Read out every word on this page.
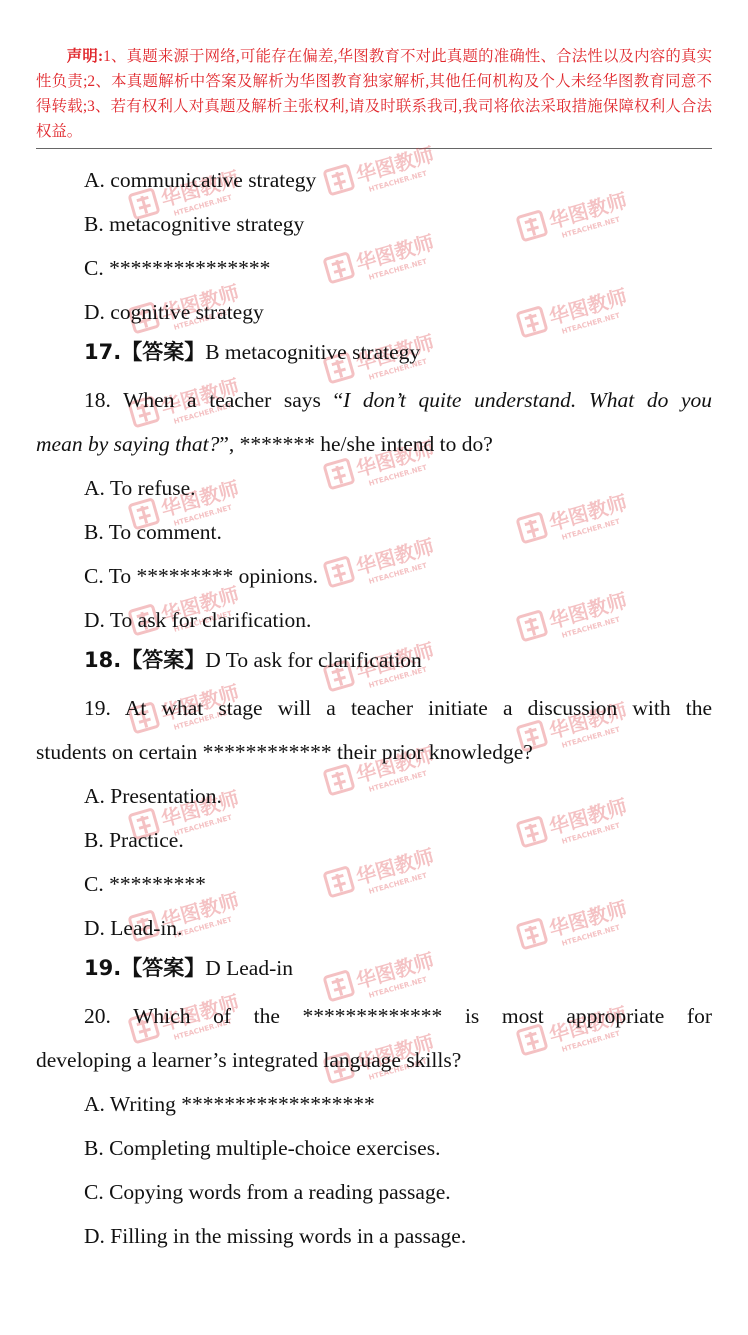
声明:1、真题来源于网络,可能存在偏差,华图教育不对此真题的准确性、合法性以及内容的真实性负责;2、本真题解析中答案及解析为华图教育独家解析,其他任何机构及个人未经华图教育同意不得转载;3、若有权利人对真题及解析主张权利,请及时联系我司,我司将依法采取措施保障权利人合法权益。
A. communicative strategy
B. metacognitive strategy
C. ***************
D. cognitive strategy
17.【答案】B metacognitive strategy
18. When a teacher says “I don’t quite understand. What do you
mean by saying that?”, ******* he/she intend to do?
A. To refuse.
B. To comment.
C. To ********* opinions.
D. To ask for clarification.
18.【答案】D To ask for clarification
19. At what stage will a teacher initiate a discussion with the
students on certain ************ their prior knowledge?
A. Presentation.
B. Practice.
C. *********
D. Lead-in.
19.【答案】D Lead-in
20. Which of the ************* is most appropriate for
developing a learner’s integrated language skills?
A. Writing ******************
B. Completing multiple-choice exercises.
C. Copying words from a reading passage.
D. Filling in the missing words in a passage.
